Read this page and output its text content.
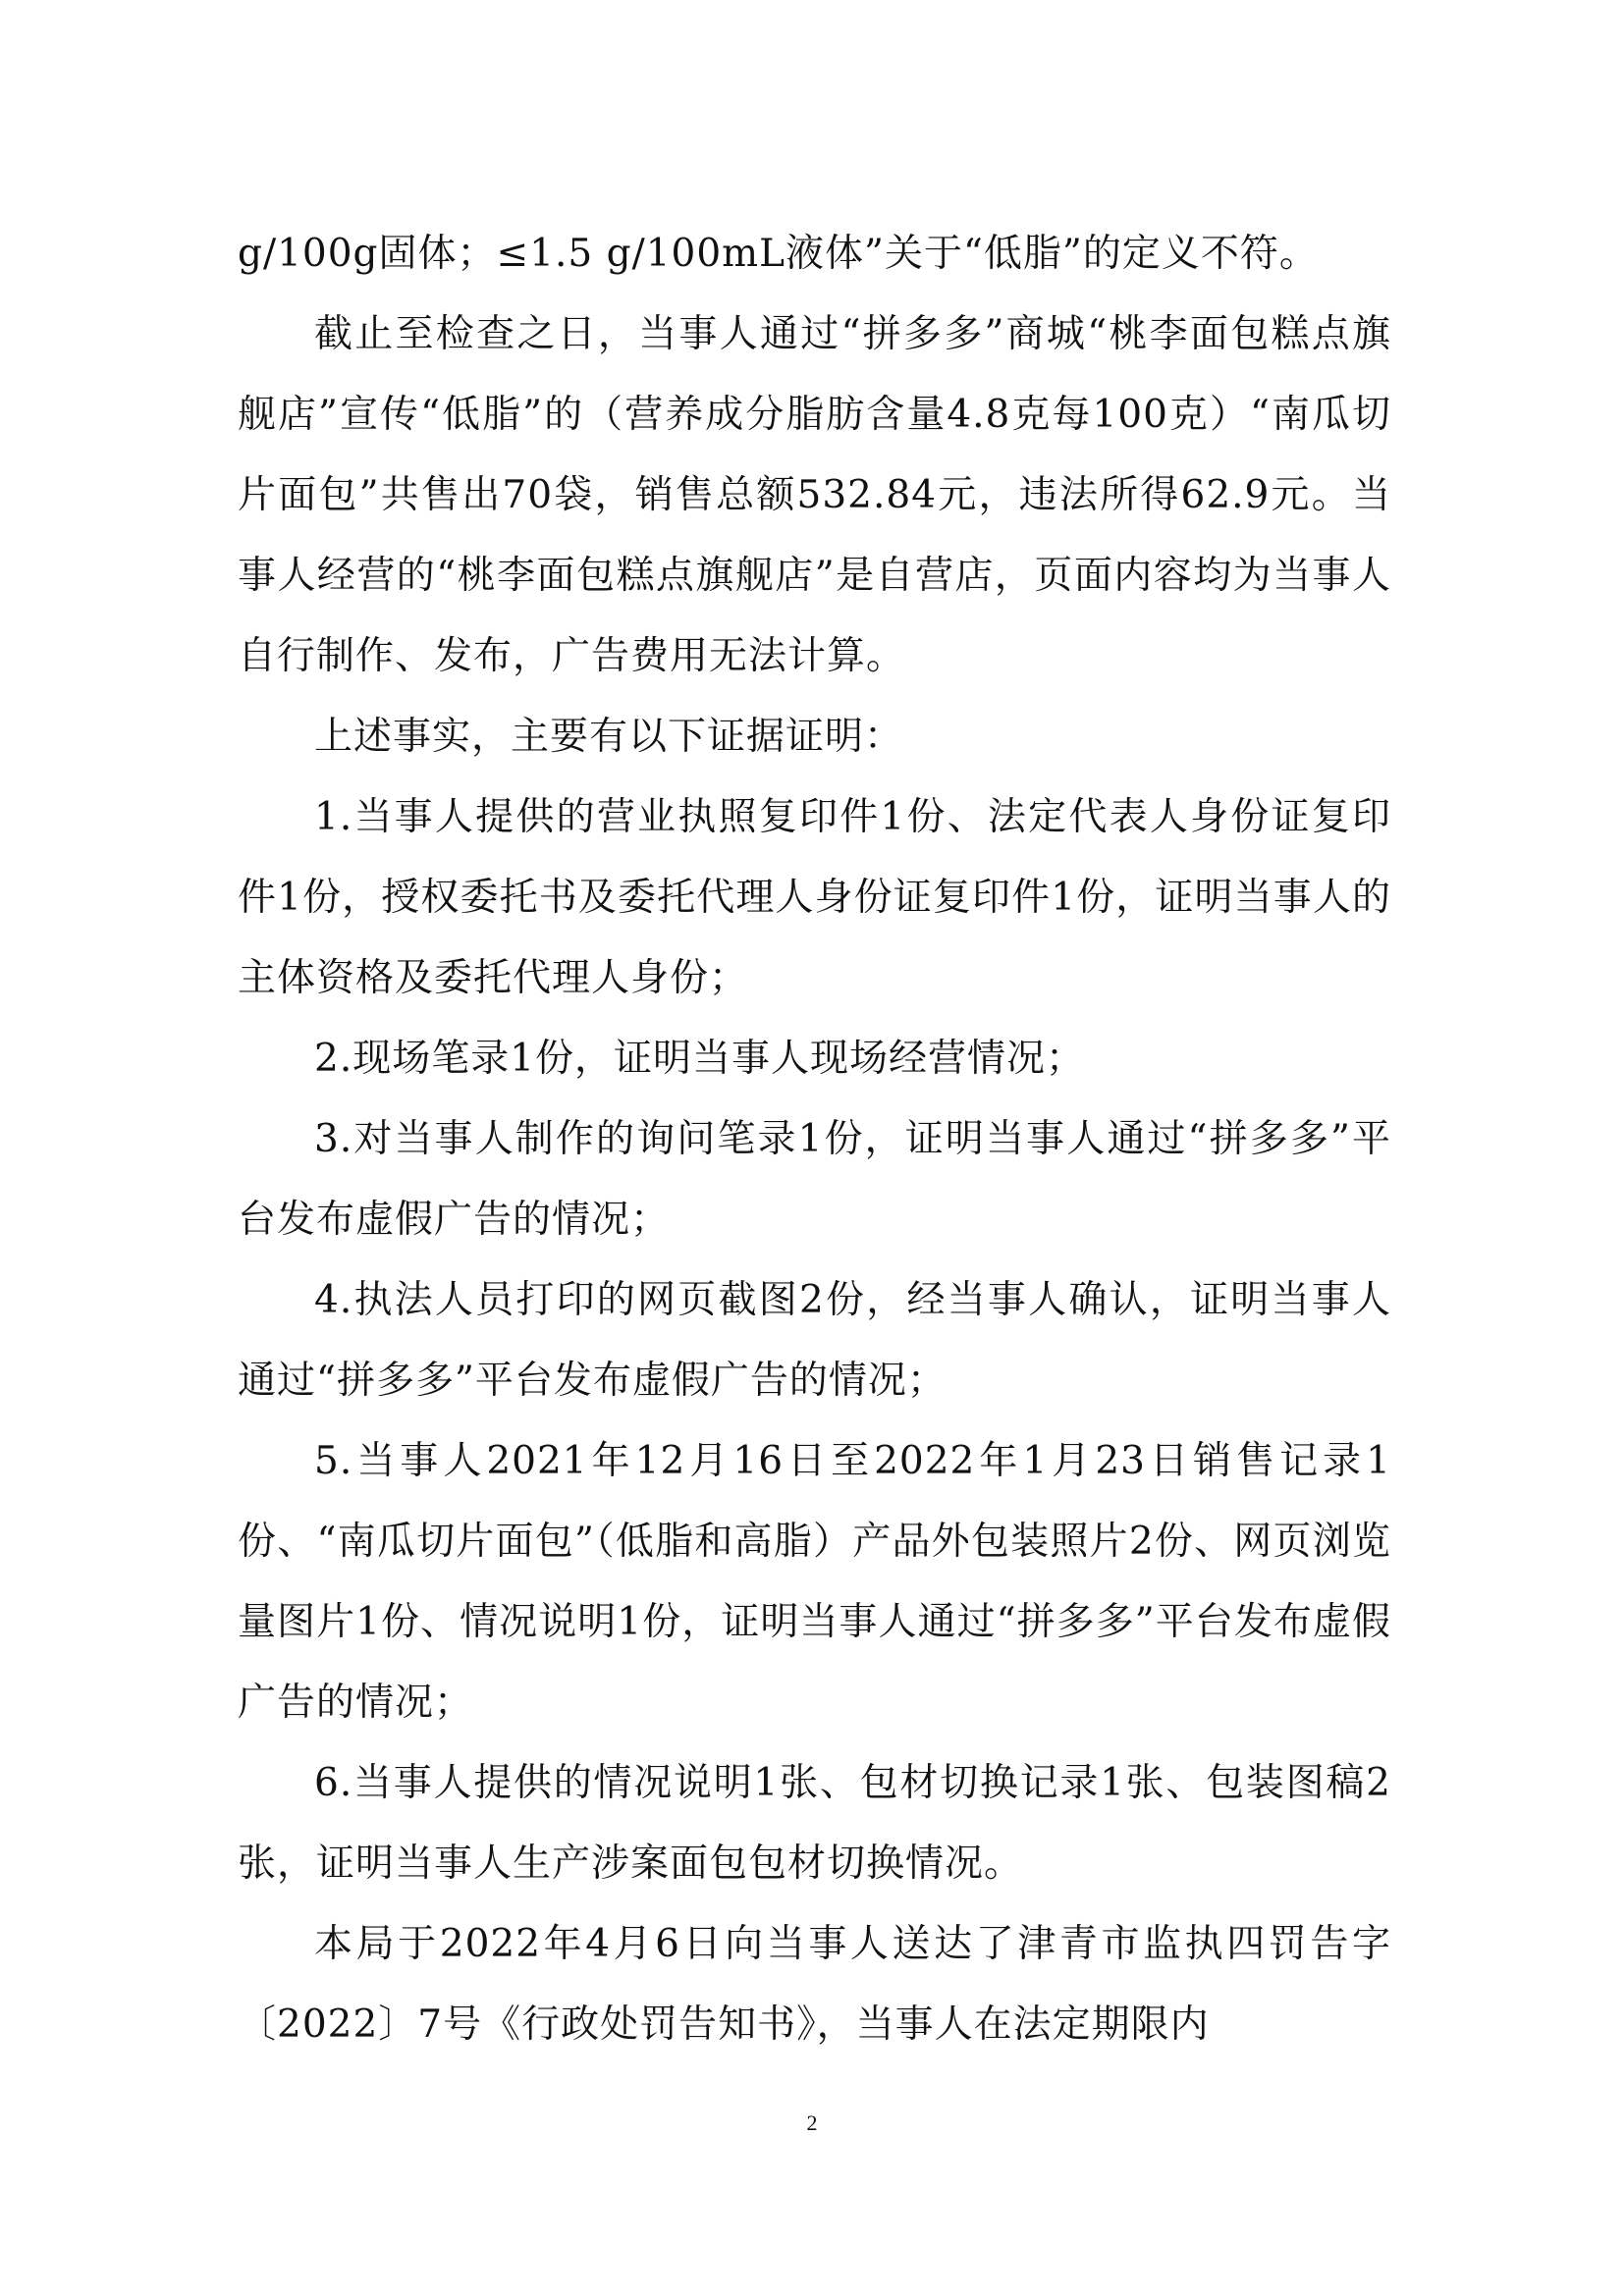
g/100g固体；≤1.5 g/100mL液体”关于“低脂”的定义不符。

截止至检查之日，当事人通过“拼多多”商城“桃李面包糕点旗舰店”宣传“低脂”的（营养成分脂肪含量4.8克每100克）“南瓜切片面包”共售出70袋，销售总额532.84元，违法所得62.9元。当事人经营的“桃李面包糕点旗舰店”是自营店，页面内容均为当事人自行制作、发布，广告费用无法计算。

上述事实，主要有以下证据证明：

1.当事人提供的营业执照复印件1份、法定代表人身份证复印件1份，授权委托书及委托代理人身份证复印件1份，证明当事人的主体资格及委托代理人身份；

2.现场笔录1份，证明当事人现场经营情况；

3.对当事人制作的询问笔录1份，证明当事人通过“拼多多”平台发布虚假广告的情况；

4.执法人员打印的网页截图2份，经当事人确认，证明当事人通过“拼多多”平台发布虚假广告的情况；

5.当事人2021年12月16日至2022年1月23日销售记录1份、“南瓜切片面包”（低脂和高脂）产品外包装照片2份、网页浏览量图片1份、情况说明1份，证明当事人通过“拼多多”平台发布虚假广告的情况；

6.当事人提供的情况说明1张、包材切换记录1张、包装图稿2张，证明当事人生产涉案面包包材切换情况。

本局于2022年4月6日向当事人送达了津青市监执四罚告字〔2022〕7号《行政处罚告知书》，当事人在法定期限内

2
